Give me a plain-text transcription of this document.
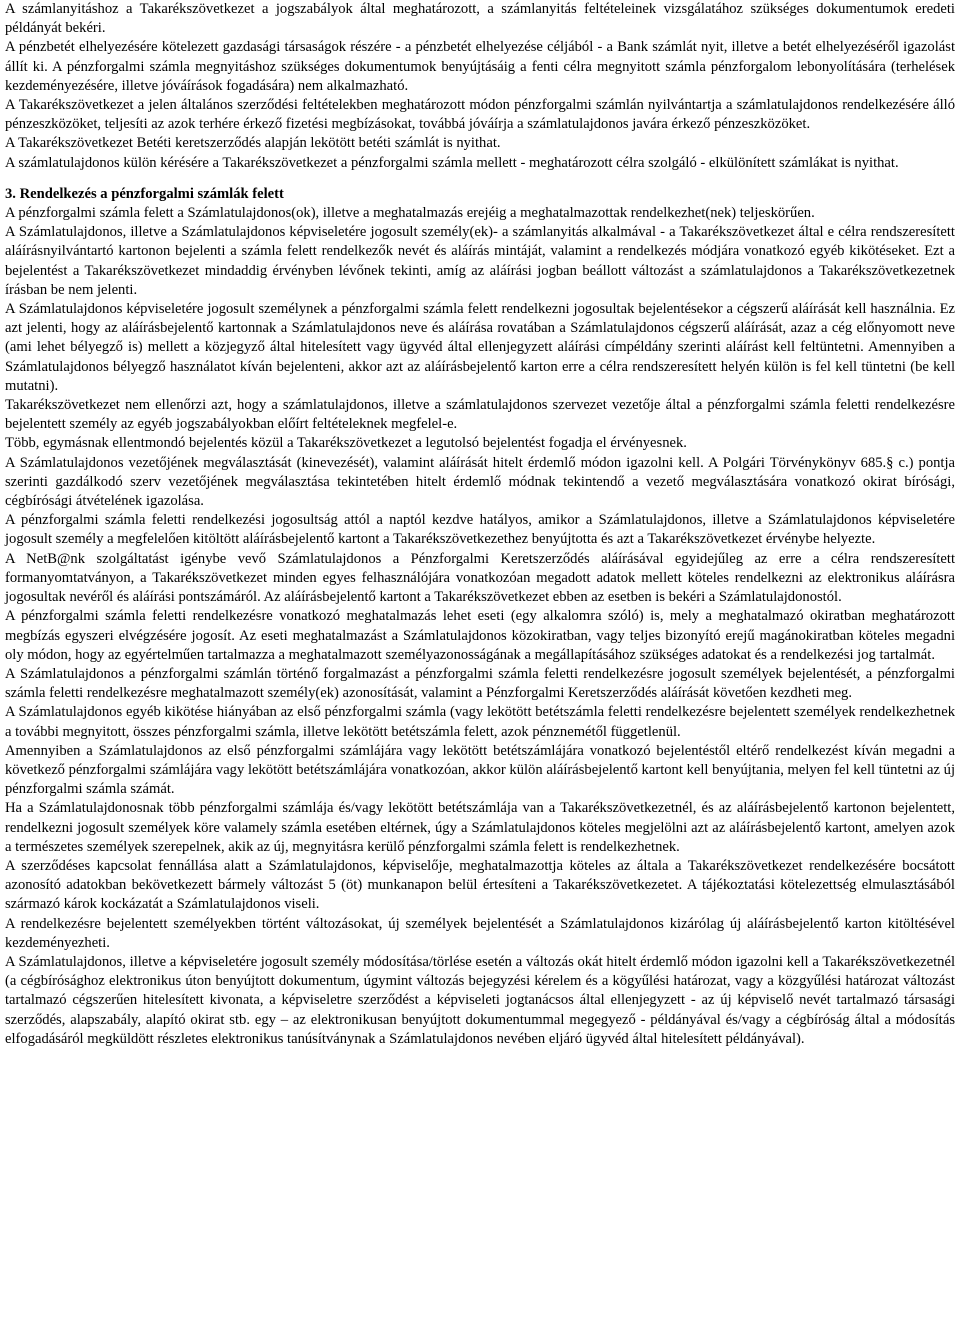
A számlanyitáshoz a Takarékszövetkezet a jogszabályok által meghatározott, a számlanyitás feltételeinek vizsgálatához szükséges dokumentumok eredeti példányát bekéri.

A pénzbetét elhelyezésére kötelezett gazdasági társaságok részére - a pénzbetét elhelyezése céljából - a Bank számlát nyit, illetve a betét elhelyezéséről igazolást állít ki. A pénzforgalmi számla megnyitáshoz szükséges dokumentumok benyújtásáig a fenti célra megnyitott számla pénzforgalom lebonyolítására (terhelések kezdeményezésére, illetve jóváírások fogadására) nem alkalmazható.

A Takarékszövetkezet a jelen általános szerződési feltételekben meghatározott módon pénzforgalmi számlán nyilvántartja a számlatulajdonos rendelkezésére álló pénzeszközöket, teljesíti az azok terhére érkező fizetési megbízásokat, továbbá jóváírja a számlatulajdonos javára érkező pénzeszközöket.

A Takarékszövetkezet Betéti keretszerződés alapján lekötött betéti számlát is nyithat.

A számlatulajdonos külön kérésére a Takarékszövetkezet a pénzforgalmi számla mellett - meghatározott célra szolgáló - elkülönített számlákat is nyithat.

3. Rendelkezés a pénzforgalmi számlák felett

A pénzforgalmi számla felett a Számlatulajdonos(ok), illetve a meghatalmazás erejéig a meghatalmazottak rendelkezhet(nek) teljeskörűen.

A Számlatulajdonos, illetve a Számlatulajdonos képviseletére jogosult személy(ek)- a számlanyitás alkalmával - a Takarékszövetkezet által e célra rendszeresített aláírásnyilvántartó kartonon bejelenti a számla felett rendelkezők nevét és aláírás mintáját, valamint a rendelkezés módjára vonatkozó egyéb kikötéseket. Ezt a bejelentést a Takarékszövetkezet mindaddig érvényben lévőnek tekinti, amíg az aláírási jogban beállott változást a számlatulajdonos a Takarékszövetkezetnek írásban be nem jelenti.

A Számlatulajdonos képviseletére jogosult személynek a pénzforgalmi számla felett rendelkezni jogosultak bejelentésekor a cégszerű aláírását kell használnia. Ez azt jelenti, hogy az aláírásbejelentő kartonnak a Számlatulajdonos neve és aláírása rovatában a Számlatulajdonos cégszerű aláírását, azaz a cég előnyomott neve (ami lehet bélyegző is) mellett a közjegyző által hitelesített vagy ügyvéd által ellenjegyzett aláírási címpéldány szerinti aláírást kell feltüntetni. Amennyiben a Számlatulajdonos bélyegző használatot kíván bejelenteni, akkor azt az aláírásbejelentő karton erre a célra rendszeresített helyén külön is fel kell tüntetni (be kell mutatni).

Takarékszövetkezet nem ellenőrzi azt, hogy a számlatulajdonos, illetve a számlatulajdonos szervezet vezetője által a pénzforgalmi számla feletti rendelkezésre bejelentett személy az egyéb jogszabályokban előírt feltételeknek megfelel-e.

Több, egymásnak ellentmondó bejelentés közül a Takarékszövetkezet a legutolsó bejelentést fogadja el érvényesnek.

A Számlatulajdonos vezetőjének megválasztását (kinevezését), valamint aláírását hitelt érdemlő módon igazolni kell. A Polgári Törvénykönyv 685.§ c.) pontja szerinti gazdálkodó szerv vezetőjének megválasztása tekintetében hitelt érdemlő módnak tekintendő a vezető megválasztására vonatkozó okirat bírósági, cégbírósági átvételének igazolása.

A pénzforgalmi számla feletti rendelkezési jogosultság attól a naptól kezdve hatályos, amikor a Számlatulajdonos, illetve a Számlatulajdonos képviseletére jogosult személy a megfelelően kitöltött aláírásbejelentő kartont a Takarékszövetkezethez benyújtotta és azt a Takarékszövetkezet érvénybe helyezte.

A NetB@nk szolgáltatást igénybe vevő Számlatulajdonos a Pénzforgalmi Keretszerződés aláírásával egyidejűleg az erre a célra rendszeresített formanyomtatványon, a Takarékszövetkezet minden egyes felhasználójára vonatkozóan megadott adatok mellett köteles rendelkezni az elektronikus aláírásra jogosultak nevéről és aláírási pontszámáról. Az aláírásbejelentő kartont a Takarékszövetkezet ebben az esetben is bekéri a Számlatulajdonostól.

A pénzforgalmi számla feletti rendelkezésre vonatkozó meghatalmazás lehet eseti (egy alkalomra szóló) is, mely a meghatalmazó okiratban meghatározott megbízás egyszeri elvégzésére jogosít. Az eseti meghatalmazást a Számlatulajdonos közokiratban, vagy teljes bizonyító erejű magánokiratban köteles megadni oly módon, hogy az egyértelműen tartalmazza a meghatalmazott személyazonosságának a megállapításához szükséges adatokat és a rendelkezési jog tartalmát.

A Számlatulajdonos a pénzforgalmi számlán történő forgalmazást a pénzforgalmi számla feletti rendelkezésre jogosult személyek bejelentését, a pénzforgalmi számla feletti rendelkezésre meghatalmazott személy(ek) azonosítását, valamint a Pénzforgalmi Keretszerződés aláírását követően kezdheti meg.

A Számlatulajdonos egyéb kikötése hiányában az első pénzforgalmi számla (vagy lekötött betétszámla feletti rendelkezésre bejelentett személyek rendelkezhetnek a további megnyitott, összes pénzforgalmi számla, illetve lekötött betétszámla felett, azok pénznemétől függetlenül.

Amennyiben a Számlatulajdonos az első pénzforgalmi számlájára vagy lekötött betétszámlájára vonatkozó bejelentéstől eltérő rendelkezést kíván megadni a következő pénzforgalmi számlájára vagy lekötött betétszámlájára vonatkozóan, akkor külön aláírásbejelentő kartont kell benyújtania, melyen fel kell tüntetni az új pénzforgalmi számla számát.

Ha a Számlatulajdonosnak több pénzforgalmi számlája és/vagy lekötött betétszámlája van a Takarékszövetkezetnél, és az aláírásbejelentő kartonon bejelentett, rendelkezni jogosult személyek köre valamely számla esetében eltérnek, úgy a Számlatulajdonos köteles megjelölni azt az aláírásbejelentő kartont, amelyen azok a természetes személyek szerepelnek, akik az új, megnyitásra kerülő pénzforgalmi számla felett is rendelkezhetnek.

A szerződéses kapcsolat fennállása alatt a Számlatulajdonos, képviselője, meghatalmazottja köteles az általa a Takarékszövetkezet rendelkezésére bocsátott azonosító adatokban bekövetkezett bármely változást 5 (öt) munkanapon belül értesíteni a Takarékszövetkezetet. A tájékoztatási kötelezettség elmulasztásából származó károk kockázatát a Számlatulajdonos viseli.

A rendelkezésre bejelentett személyekben történt változásokat, új személyek bejelentését a Számlatulajdonos kizárólag új aláírásbejelentő karton kitöltésével kezdeményezheti.

A Számlatulajdonos, illetve a képviseletére jogosult személy módosítása/törlése esetén a változás okát hitelt érdemlő módon igazolni kell a Takarékszövetkezetnél (a cégbírósághoz elektronikus úton benyújtott dokumentum, úgymint változás bejegyzési kérelem és a kögyűlési határozat, vagy a közgyűlési határozat változást tartalmazó cégszerűen hitelesített kivonata, a képviseletre szerződést a képviseleti jogtanácsos által ellenjegyzett - az új képviselő nevét tartalmazó társasági szerződés, alapszabály, alapító okirat stb. egy – az elektronikusan benyújtott dokumentummal megegyező - példányával és/vagy a cégbíróság által a módosítás elfogadásáról megküldött részletes elektronikus tanúsítványnak a Számlatulajdonos nevében eljáró ügyvéd által hitelesített példányával).
